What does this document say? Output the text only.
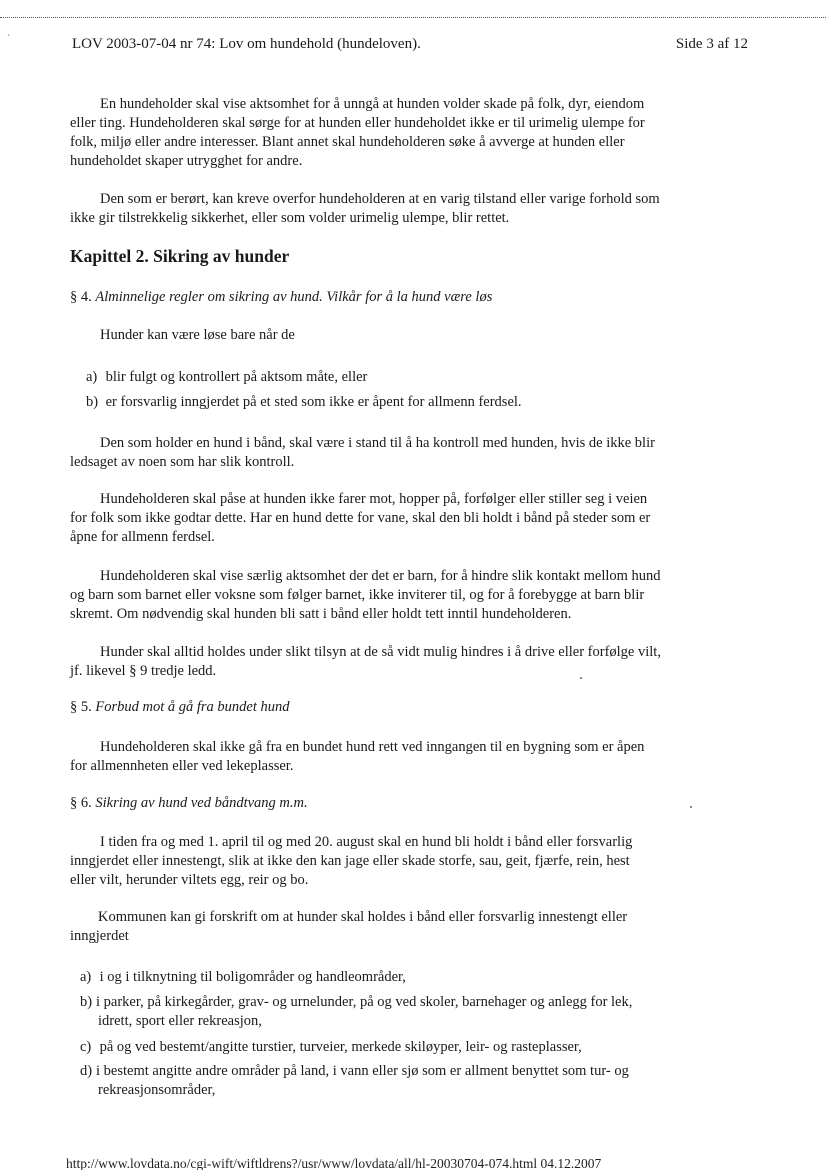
`	LOV 2003-07-04 nr 74: Lov om hundehold (hundeloven).	Side 3 af 12
En hundeholder skal vise aktsomhet for å unngå at hunden volder skade på folk, dyr, eiendom
eller ting. Hundeholderen skal sørge for at hunden eller hundeholdet ikke er til urimelig ulempe for
folk, miljø eller andre interesser. Blant annet skal hundeholderen søke å avverge at hunden eller
hundeholdet skaper utrygghet for andre.
Den som er berørt, kan kreve overfor hundeholderen at en varig tilstand eller varige forhold som
ikke gir tilstrekkelig sikkerhet, eller som volder urimelig ulempe, blir rettet.
Kapittel 2. Sikring av hunder
§ 4. Alminnelige regler om sikring av hund. Vilkår for å la hund være løs
Hunder kan være løse bare når de
a) blir fulgt og kontrollert på aktsom måte, eller
b) er forsvarlig inngjerdet på et sted som ikke er åpent for allmenn ferdsel.
Den som holder en hund i bånd, skal være i stand til å ha kontroll med hunden, hvis de ikke blir
ledsaget av noen som har slik kontroll.
Hundeholderen skal påse at hunden ikke farer mot, hopper på, forfølger eller stiller seg i veien
for folk som ikke godtar dette. Har en hund dette for vane, skal den bli holdt i bånd på steder som er
åpne for allmenn ferdsel.
Hundeholderen skal vise særlig aktsomhet der det er barn, for å hindre slik kontakt mellom hund
og barn som barnet eller voksne som følger barnet, ikke inviterer til, og for å forebygge at barn blir
skremt. Om nødvendig skal hunden bli satt i bånd eller holdt tett inntil hundeholderen.
Hunder skal alltid holdes under slikt tilsyn at de så vidt mulig hindres i å drive eller forfølge vilt,
jf. likevel § 9 tredje ledd.
§ 5. Forbud mot å gå fra bundet hund
Hundeholderen skal ikke gå fra en bundet hund rett ved inngangen til en bygning som er åpen
for allmennheten eller ved lekeplasser.
§ 6. Sikring av hund ved båndtvang m.m.
I tiden fra og med 1. april til og med 20. august skal en hund bli holdt i bånd eller forsvarlig
inngjerdet eller innestengt, slik at ikke den kan jage eller skade storfe, sau, geit, fjærfe, rein, hest
eller vilt, herunder viltets egg, reir og bo.
Kommunen kan gi forskrift om at hunder skal holdes i bånd eller forsvarlig innestengt eller
inngjerdet
a) i og i tilknytning til boligområder og handleområder,
b) i parker, på kirkegårder, grav- og urnelunder, på og ved skoler, barnehager og anlegg for lek,
idrett, sport eller rekreasjon,
c) på og ved bestemt/angitte turstier, turveier, merkede skiløyper, leir- og rasteplasser,
d) i bestemt angitte andre områder på land, i vann eller sjø som er allment benyttet som tur- og
rekreasjonsområder,
http://www.lovdata.no/cgi-wift/wiftldrens?/usr/www/lovdata/all/hl-20030704-074.html 04.12.2007
